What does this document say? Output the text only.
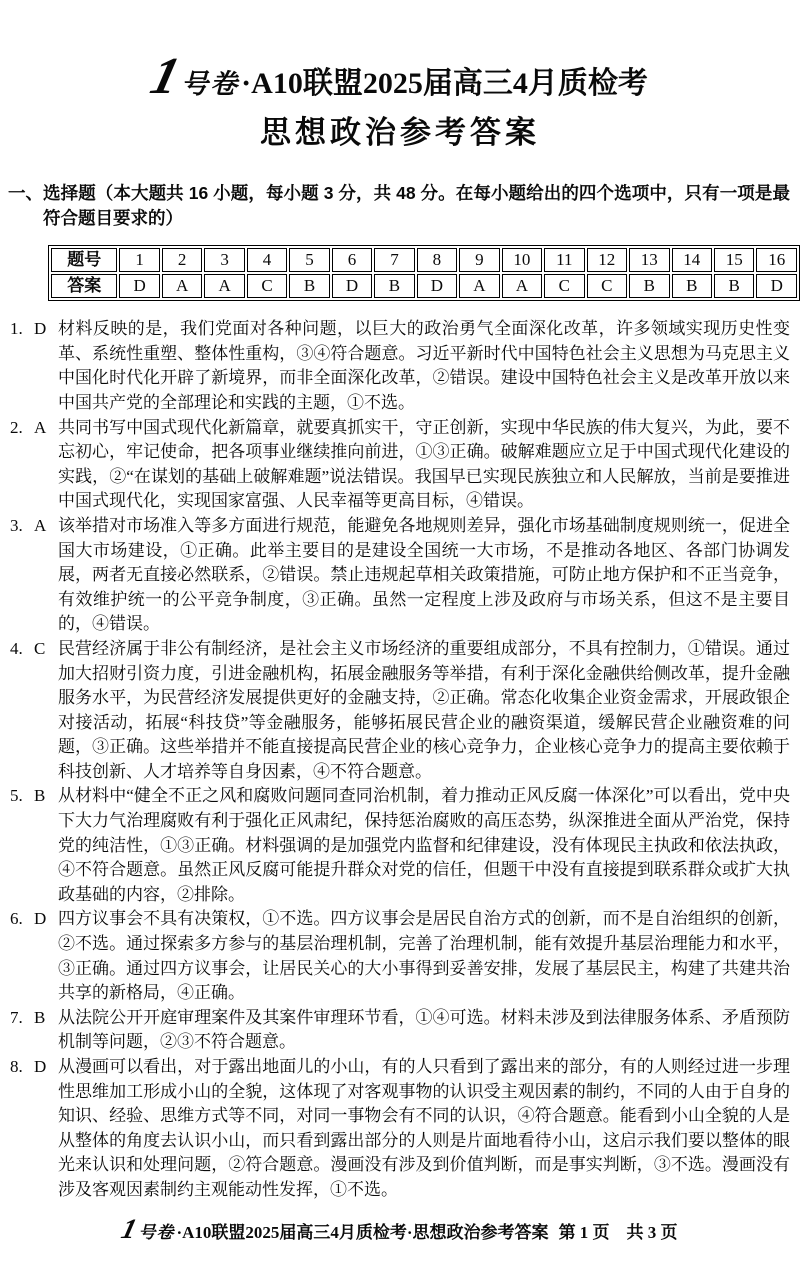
1
号卷 ·A10联盟2025届高三4月质检考
思想政治参考答案
一、 选择题（本大题共 16 小题，每小题 3 分，共 48 分。在每小题给出的四个选项中，只有一项是最符合题目要求的）
题号	1	2	3	4	5	6	7	8	9	10	11	12	13	14	15	16
答案	D	A	A	C	B	D	B	D	A	A	C	C	B	B	B	D
1. D 材料反映的是，我们党面对各种问题，以巨大的政治勇气全面深化改革，许多领域实现历史性变革、系统性重塑、整体性重构，③④符合题意。习近平新时代中国特色社会主义思想为马克思主义中国化时代化开辟了新境界，而非全面深化改革，②错误。建设中国特色社会主义是改革开放以来中国共产党的全部理论和实践的主题，①不选。
2. A 共同书写中国式现代化新篇章，就要真抓实干，守正创新，实现中华民族的伟大复兴，为此，要不忘初心，牢记使命，把各项事业继续推向前进，①③正确。破解难题应立足于中国式现代化建设的实践，②“在谋划的基础上破解难题”说法错误。我国早已实现民族独立和人民解放，当前是要推进中国式现代化，实现国家富强、人民幸福等更高目标，④错误。
3. A 该举措对市场准入等多方面进行规范，能避免各地规则差异，强化市场基础制度规则统一，促进全国大市场建设，①正确。此举主要目的是建设全国统一大市场，不是推动各地区、各部门协调发展，两者无直接必然联系，②错误。禁止违规起草相关政策措施，可防止地方保护和不正当竞争，有效维护统一的公平竞争制度，③正确。虽然一定程度上涉及政府与市场关系，但这不是主要目的，④错误。
4. C 民营经济属于非公有制经济，是社会主义市场经济的重要组成部分，不具有控制力，①错误。通过加大招财引资力度，引进金融机构，拓展金融服务等举措，有利于深化金融供给侧改革，提升金融服务水平，为民营经济发展提供更好的金融支持，②正确。常态化收集企业资金需求，开展政银企对接活动，拓展“科技贷”等金融服务，能够拓展民营企业的融资渠道，缓解民营企业融资难的问题，③正确。这些举措并不能直接提高民营企业的核心竞争力，企业核心竞争力的提高主要依赖于科技创新、人才培养等自身因素，④不符合题意。
5. B 从材料中“健全不正之风和腐败问题同查同治机制，着力推动正风反腐一体深化”可以看出，党中央下大力气治理腐败有利于强化正风肃纪，保持惩治腐败的高压态势，纵深推进全面从严治党，保持党的纯洁性，①③正确。材料强调的是加强党内监督和纪律建设，没有体现民主执政和依法执政，④不符合题意。虽然正风反腐可能提升群众对党的信任，但题干中没有直接提到联系群众或扩大执政基础的内容，②排除。
6. D 四方议事会不具有决策权，①不选。四方议事会是居民自治方式的创新，而不是自治组织的创新，②不选。通过探索多方参与的基层治理机制，完善了治理机制，能有效提升基层治理能力和水平，③正确。通过四方议事会，让居民关心的大小事得到妥善安排，发展了基层民主，构建了共建共治共享的新格局，④正确。
7. B 从法院公开开庭审理案件及其案件审理环节看，①④可选。材料未涉及到法律服务体系、矛盾预防机制等问题，②③不符合题意。
8. D 从漫画可以看出，对于露出地面儿的小山，有的人只看到了露出来的部分，有的人则经过进一步理性思维加工形成小山的全貌，这体现了对客观事物的认识受主观因素的制约，不同的人由于自身的知识、经验、思维方式等不同，对同一事物会有不同的认识，④符合题意。能看到小山全貌的人是从整体的角度去认识小山，而只看到露出部分的人则是片面地看待小山，这启示我们要以整体的眼光来认识和处理问题，②符合题意。漫画没有涉及到价值判断，而是事实判断，③不选。漫画没有涉及客观因素制约主观能动性发挥，①不选。
1
号卷 ·A10联盟2025届高三4月质检考·思想政治参考答案 第 1 页　共 3 页
